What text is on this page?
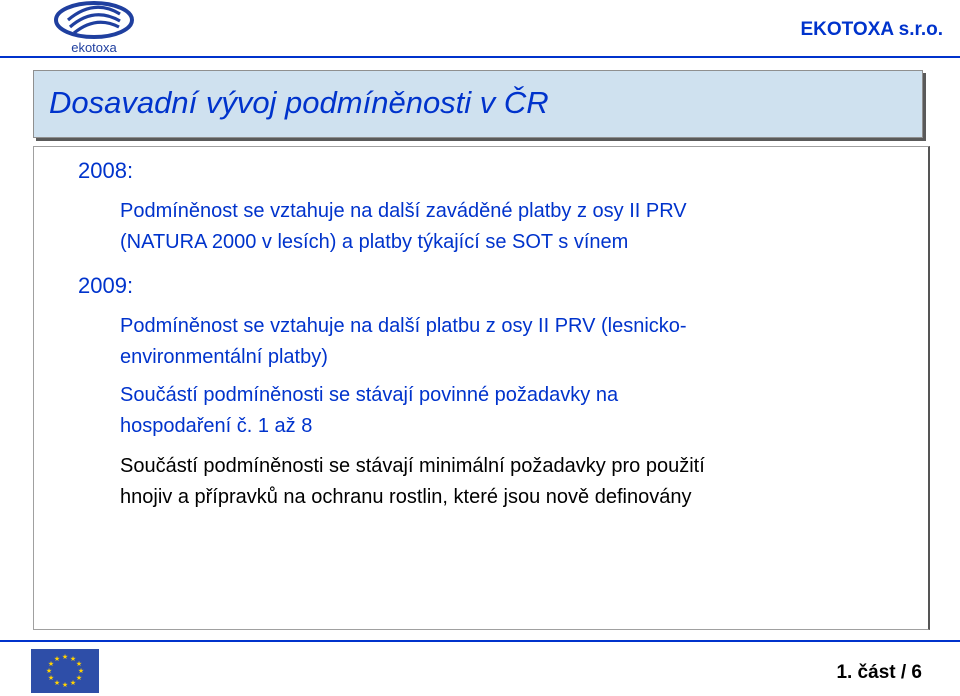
ekotoxa
EKOTOXA s.r.o.
Dosavadní vývoj podmíněnosti v ČR

2008:

Podmíněnost se vztahuje na další zaváděné platby z osy II PRV
(NATURA 2000 v lesích) a platby týkající se SOT s vínem

2009:

Podmíněnost se vztahuje na další platbu z osy II PRV (lesnicko-
environmentální platby)

Součástí podmíněnosti se stávají povinné požadavky na
hospodaření č. 1 až 8

Součástí podmíněnosti se stávají minimální požadavky pro použití
hnojiv a přípravků na ochranu rostlin, které jsou nově definovány

★ ★
★
★
★
★
★
★
★
★
★
★
1. část / 6
